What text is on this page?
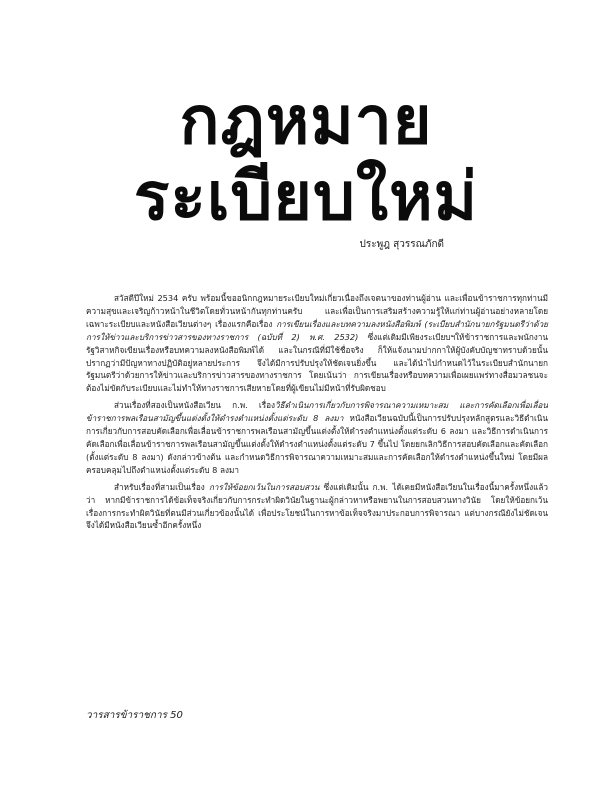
กฎหมาย
ระเบียบใหม่
ประพูฎ สุวรรณภักดี

สวัสดีปีใหม่ 2534 ครับ พร้อมนี้ขออนิกกฎหมายระเบียบใหม่เกี่ยวเนื่องถึงเจตนาของท่านผู้อ่าน และเพื่อนข้าราชการทุกท่านมีความสุขและเจริญก้าวหน้าในชีวิตโดยทั่วนหน้ากันทุกท่านครับ และเพื่อเป็นการเสริมสร้างความรู้ให้แก่ท่านผู้อ่านอย่างหลายโดยเฉพาะระเบียบและหนังสือเวียนต่างๆ เรื่องแรกคือเรื่อง การเขียนเรื่องและบทความลงหนังสือพิมพ์ (ระเบียบสำนักนายกรัฐมนตรีว่าด้วยการให้ข่าวและบริการข่าวสารของทางราชการ (ฉบับที่ 2) พ.ศ. 2532) ซึ่งแต่เดิมมีเพียงระเบียบฯให้ข้าราชการและพนักงานรัฐวิสาหกิจเขียนเรื่องหรือบทความลงหนังสือพิมพ์ได้ และในกรณีที่มีใช้ชื่อจริง ก็ให้แจ้งนามปากกาให้ผู้บังคับบัญชาทราบด้วยนั้น ปรากฏว่ามีปัญหาทางปฏิบัติอยู่หลายประการ จึงได้มีการปรับปรุงให้ชัดเจนยิ่งขึ้น และได้นำไปกำหนดไว้ในระเบียบสำนักนายกรัฐมนตรีว่าด้วยการให้ข่าวและบริการข่าวสารของทางราชการ โดยเน้นว่า การเขียนเรื่องหรือบทความเพื่อเผยแพร่ทางสื่อมวลชนจะต้องไม่ขัดกับระเบียบและไม่ทำให้ทางราชการเสียหายโดยที่ผู้เขียนไม่มีหน้าที่รับผิดชอบ

ส่วนเรื่องที่สองเป็นหนังสือเวียน ก.พ. เรื่องวิธีดำเนินการเกี่ยวกับการพิจารณาความเหมาะสม และการคัดเลือกเพื่อเลื่อนข้าราชการพลเรือนสามัญขึ้นแต่งตั้งให้ดำรงตำแหน่งตั้งแต่ระดับ 8 ลงมา หนังสือเวียนฉบับนี้เป็นการปรับปรุงหลักสูตรและวิธีดำเนินการเกี่ยวกับการสอบคัดเลือกเพื่อเลื่อนข้าราชการพลเรือนสามัญขึ้นแต่งตั้งให้ดำรงตำแหน่งตั้งแต่ระดับ 6 ลงมา และวิธีการดำเนินการคัดเลือกเพื่อเลื่อนข้าราชการพลเรือนสามัญขึ้นแต่งตั้งให้ดำรงตำแหน่งตั้งแต่ระดับ 7 ขึ้นไป โดยยกเลิกวิธีการสอบคัดเลือกและคัดเลือก (ตั้งแต่ระดับ 8 ลงมา) ดังกล่าวข้างต้น และกำหนดวิธีการพิจารณาความเหมาะสมและการคัดเลือกให้ดำรงตำแหน่งขึ้นใหม่ โดยมีผลครอบคลุมไปถึงตำแหน่งตั้งแต่ระดับ 8 ลงมา

สำหรับเรื่องที่สามเป็นเรื่อง การให้ข้อยกเว้นในการสอบสวน ซึ่งแต่เดิมนั้น ก.พ. ได้เคยมีหนังสือเวียนในเรื่องนี้มาครั้งหนึ่งแล้วว่า หากมีข้าราชการได้ข้อเท็จจริงเกี่ยวกับการกระทำผิดวินัยในฐานะผู้กล่าวหาหรือพยานในการสอบสวนทางวินัย โดยให้ข้อยกเว้นเรื่องการกระทำผิดวินัยที่ตนมีส่วนเกี่ยวข้องนั้นได้ เพื่อประโยชน์ในการหาข้อเท็จจริงมาประกอบการพิจารณา แต่บางกรณียังไม่ชัดเจนจึงได้มีหนังสือเวียนซ้ำอีกครั้งหนึ่ง

วารสารข้าราชการ 50
